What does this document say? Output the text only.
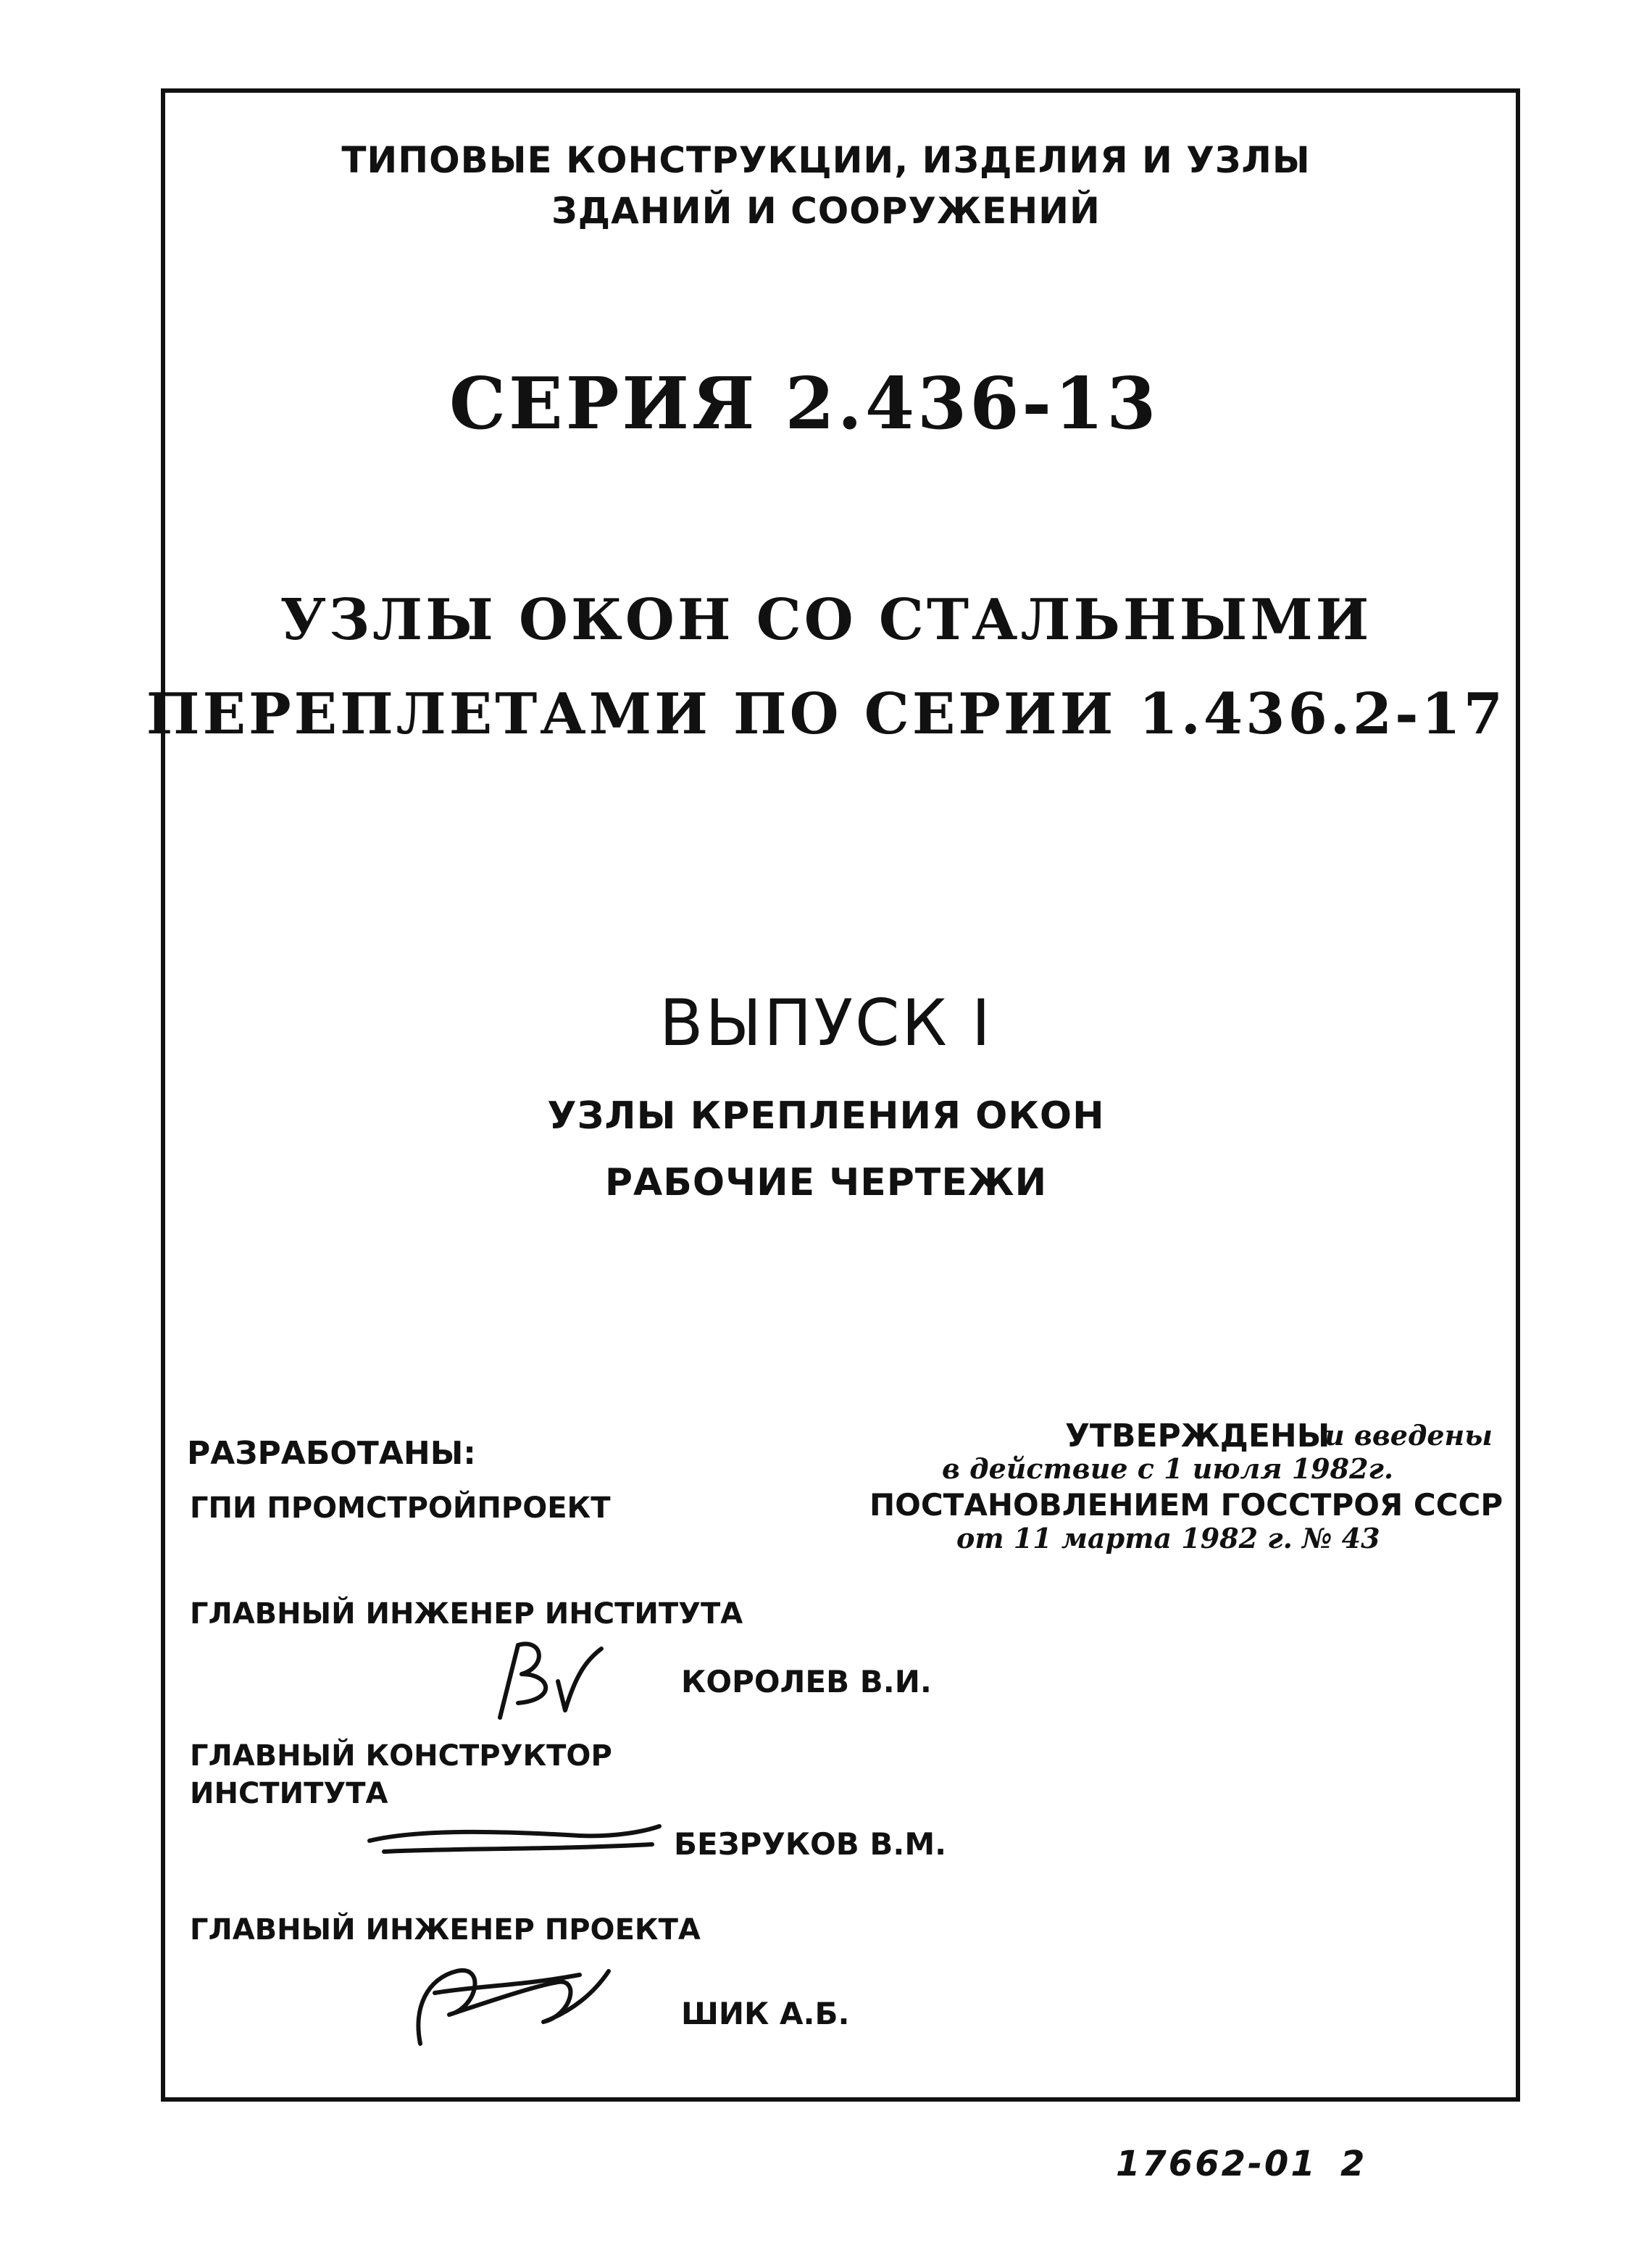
ТИПОВЫЕ КОНСТРУКЦИИ, ИЗДЕЛИЯ И УЗЛЫ
ЗДАНИЙ И СООРУЖЕНИЙ
СЕРИЯ 2.436-13
УЗЛЫ ОКОН СО СТАЛЬНЫМИ
ПЕРЕПЛЕТАМИ ПО СЕРИИ 1.436.2-17
ВЫПУСК I
УЗЛЫ КРЕПЛЕНИЯ ОКОН
РАБОЧИЕ ЧЕРТЕЖИ
РАЗРАБОТАНЫ:
ГПИ ПРОМСТРОЙПРОЕКТ
УТВЕРЖДЕНЫ
и введены
в действие с 1 июля 1982г.
ПОСТАНОВЛЕНИЕМ ГОССТРОЯ СССР
от 11 марта 1982 г. № 43
ГЛАВНЫЙ ИНЖЕНЕР ИНСТИТУТА
КОРОЛЕВ В.И.
ГЛАВНЫЙ КОНСТРУКТОР
ИНСТИТУТА
БЕЗРУКОВ В.М.
ГЛАВНЫЙ ИНЖЕНЕР ПРОЕКТА
ШИК А.Б.
17662-01 2
